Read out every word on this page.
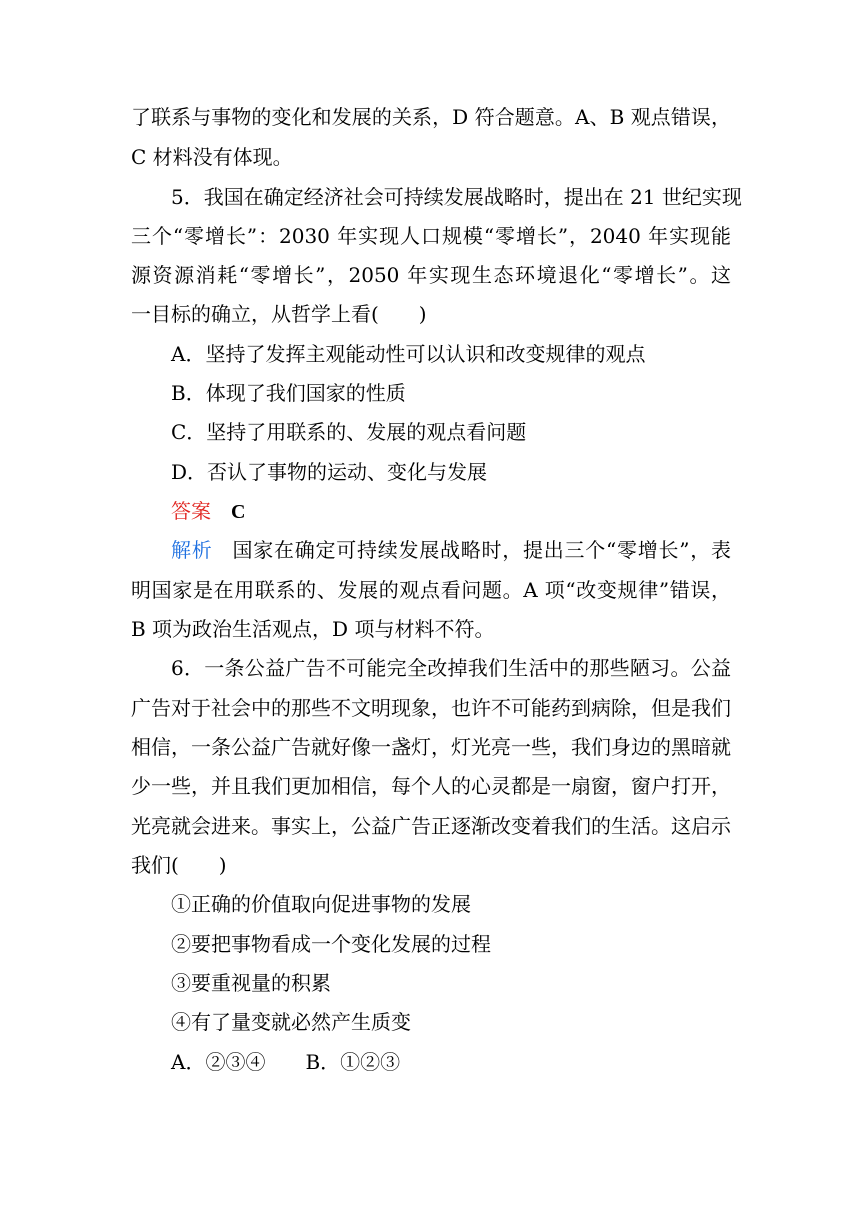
了联系与事物的变化和发展的关系，D 符合题意。A、B 观点错误，
C 材料没有体现。
5．我国在确定经济社会可持续发展战略时，提出在 21 世纪实现
三个“零增长”：2030 年实现人口规模“零增长”，2040 年实现能
源资源消耗“零增长”，2050 年实现生态环境退化“零增长”。这
一目标的确立，从哲学上看(　　)
A．坚持了发挥主观能动性可以认识和改变规律的观点
B．体现了我们国家的性质
C．坚持了用联系的、发展的观点看问题
D．否认了事物的运动、变化与发展
答案 C
解析 国家在确定可持续发展战略时，提出三个“零增长”，表
明国家是在用联系的、发展的观点看问题。A 项“改变规律”错误，
B 项为政治生活观点，D 项与材料不符。
6．一条公益广告不可能完全改掉我们生活中的那些陋习。公益
广告对于社会中的那些不文明现象，也许不可能药到病除，但是我们
相信，一条公益广告就好像一盏灯，灯光亮一些，我们身边的黑暗就
少一些，并且我们更加相信，每个人的心灵都是一扇窗，窗户打开，
光亮就会进来。事实上，公益广告正逐渐改变着我们的生活。这启示
我们(　　)
①正确的价值取向促进事物的发展
②要把事物看成一个变化发展的过程
③要重视量的积累
④有了量变就必然产生质变
A．②③④　　B．①②③
